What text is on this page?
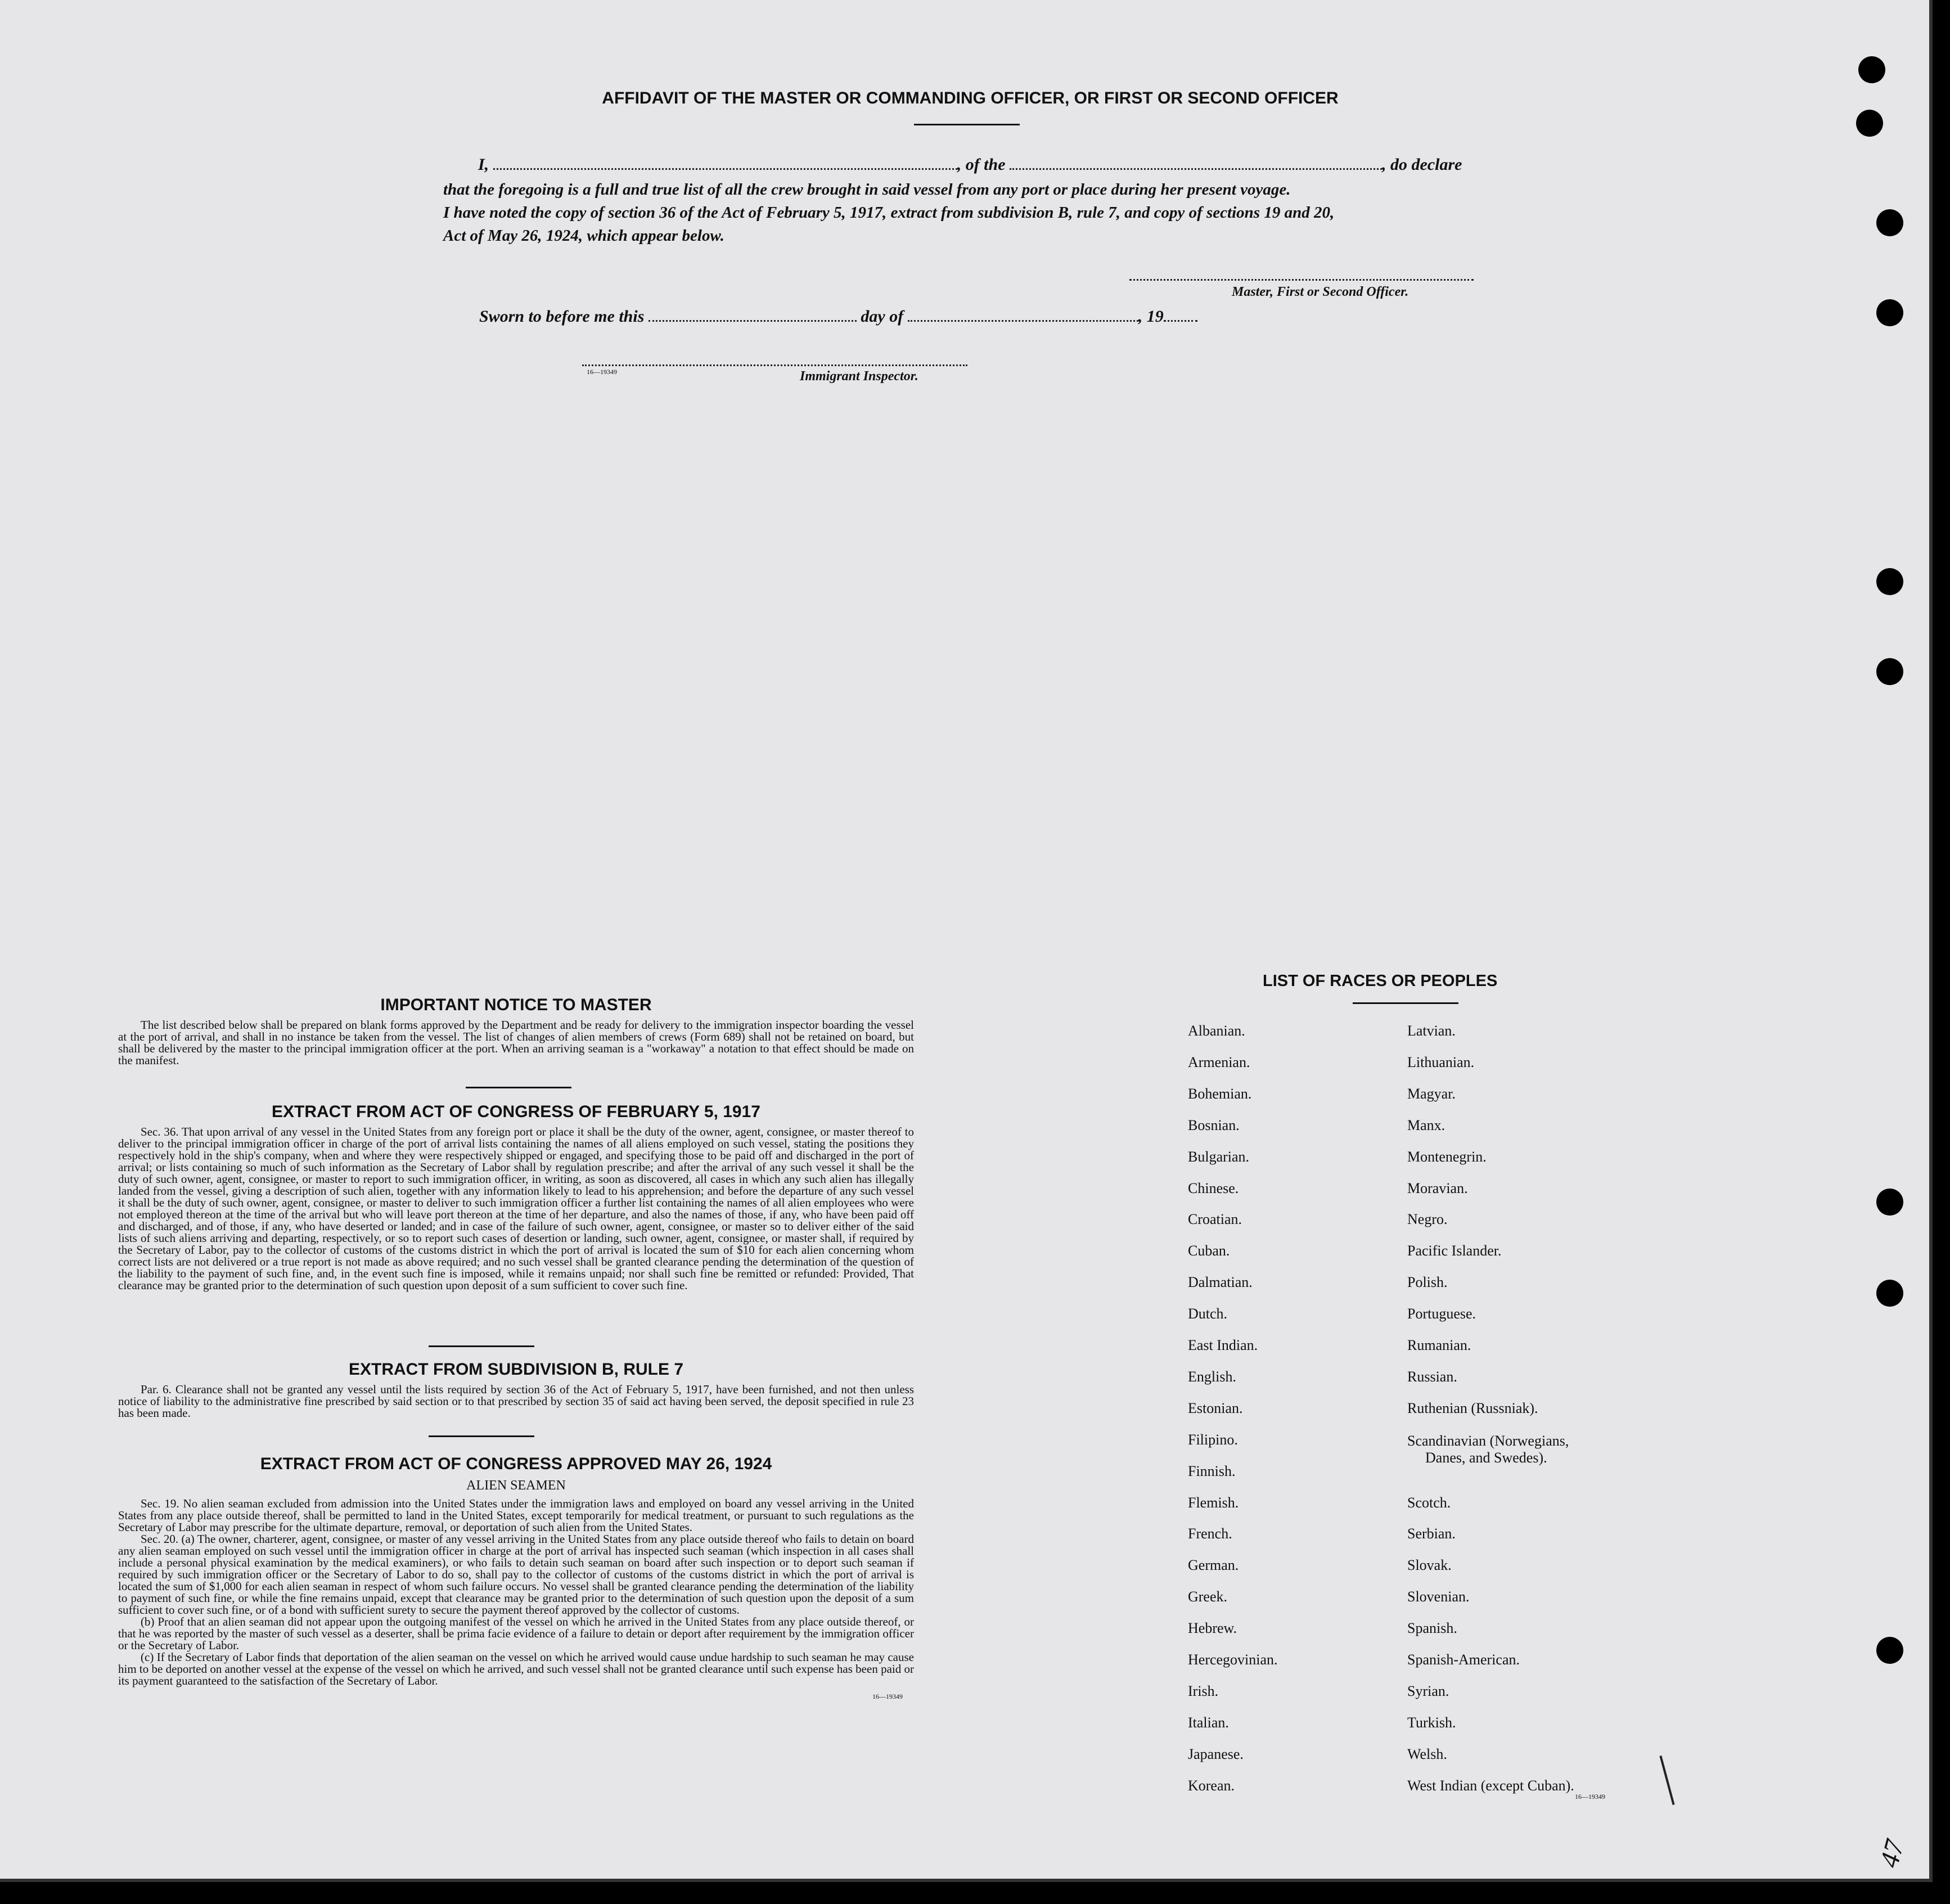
AFFIDAVIT OF THE MASTER OR COMMANDING OFFICER, OR FIRST OR SECOND OFFICER
I,	, of the	, do declare
that the foregoing is a full and true list of all the crew brought in said vessel from any port or place during her present voyage.
I have noted the copy of section 36 of the Act of February 5, 1917, extract from subdivision B, rule 7, and copy of sections 19 and 20,
Act of May 26, 1924, which appear below.
Master, First or Second Officer.
Sworn to before me this	day of	, 19
16—19349	Immigrant Inspector.
IMPORTANT NOTICE TO MASTER

The list described below shall be prepared on blank forms approved by the Department and be ready for delivery to the immigration inspector boarding the vessel at the port of arrival, and shall in no instance be taken from the vessel. The list of changes of alien members of crews (Form 689) shall not be retained on board, but shall be delivered by the master to the principal immigration officer at the port. When an arriving seaman is a "workaway" a notation to that effect should be made on the manifest.

EXTRACT FROM ACT OF CONGRESS OF FEBRUARY 5, 1917

Sec. 36. That upon arrival of any vessel in the United States from any foreign port or place it shall be the duty of the owner, agent, consignee, or master thereof to deliver to the principal immigration officer in charge of the port of arrival lists containing the names of all aliens employed on such vessel, stating the positions they respectively hold in the ship's company, when and where they were respectively shipped or engaged, and specifying those to be paid off and discharged in the port of arrival; or lists containing so much of such information as the Secretary of Labor shall by regulation prescribe; and after the arrival of any such vessel it shall be the duty of such owner, agent, consignee, or master to report to such immigration officer, in writing, as soon as discovered, all cases in which any such alien has illegally landed from the vessel, giving a description of such alien, together with any information likely to lead to his apprehension; and before the departure of any such vessel it shall be the duty of such owner, agent, consignee, or master to deliver to such immigration officer a further list containing the names of all alien employees who were not employed thereon at the time of the arrival but who will leave port thereon at the time of her departure, and also the names of those, if any, who have been paid off and discharged, and of those, if any, who have deserted or landed; and in case of the failure of such owner, agent, consignee, or master so to deliver either of the said lists of such aliens arriving and departing, respectively, or so to report such cases of desertion or landing, such owner, agent, consignee, or master shall, if required by the Secretary of Labor, pay to the collector of customs of the customs district in which the port of arrival is located the sum of $10 for each alien concerning whom correct lists are not delivered or a true report is not made as above required; and no such vessel shall be granted clearance pending the determination of the question of the liability to the payment of such fine, and, in the event such fine is imposed, while it remains unpaid; nor shall such fine be remitted or refunded: Provided, That clearance may be granted prior to the determination of such question upon deposit of a sum sufficient to cover such fine.

EXTRACT FROM SUBDIVISION B, RULE 7

Par. 6. Clearance shall not be granted any vessel until the lists required by section 36 of the Act of February 5, 1917, have been furnished, and not then unless notice of liability to the administrative fine prescribed by said section or to that prescribed by section 35 of said act having been served, the deposit specified in rule 23 has been made.

EXTRACT FROM ACT OF CONGRESS APPROVED MAY 26, 1924
ALIEN SEAMEN

Sec. 19. No alien seaman excluded from admission into the United States under the immigration laws and employed on board any vessel arriving in the United States from any place outside thereof, shall be permitted to land in the United States, except temporarily for medical treatment, or pursuant to such regulations as the Secretary of Labor may prescribe for the ultimate departure, removal, or deportation of such alien from the United States.

Sec. 20. (a) The owner, charterer, agent, consignee, or master of any vessel arriving in the United States from any place outside thereof who fails to detain on board any alien seaman employed on such vessel until the immigration officer in charge at the port of arrival has inspected such seaman (which inspection in all cases shall include a personal physical examination by the medical examiners), or who fails to detain such seaman on board after such inspection or to deport such seaman if required by such immigration officer or the Secretary of Labor to do so, shall pay to the collector of customs of the customs district in which the port of arrival is located the sum of $1,000 for each alien seaman in respect of whom such failure occurs. No vessel shall be granted clearance pending the determination of the liability to payment of such fine, or while the fine remains unpaid, except that clearance may be granted prior to the determination of such question upon the deposit of a sum sufficient to cover such fine, or of a bond with sufficient surety to secure the payment thereof approved by the collector of customs.

(b) Proof that an alien seaman did not appear upon the outgoing manifest of the vessel on which he arrived in the United States from any place outside thereof, or that he was reported by the master of such vessel as a deserter, shall be prima facie evidence of a failure to detain or deport after requirement by the immigration officer or the Secretary of Labor.

(c) If the Secretary of Labor finds that deportation of the alien seaman on the vessel on which he arrived would cause undue hardship to such seaman he may cause him to be deported on another vessel at the expense of the vessel on which he arrived, and such vessel shall not be granted clearance until such expense has been paid or its payment guaranteed to the satisfaction of the Secretary of Labor.

16—19349
LIST OF RACES OR PEOPLES
16—19349
47
Albanian.
Armenian.
Bohemian.
Bosnian.
Bulgarian.
Chinese.
Croatian.
Cuban.
Dalmatian.
Dutch.
East Indian.
English.
Estonian.
Filipino.
Finnish.
Flemish.
French.
German.
Greek.
Hebrew.
Hercegovinian.
Irish.
Italian.
Japanese.
Korean.
Latvian.
Lithuanian.
Magyar.
Manx.
Montenegrin.
Moravian.
Negro.
Pacific Islander.
Polish.
Portuguese.
Rumanian.
Russian.
Ruthenian (Russniak).
Scandinavian (Norwegians,
Danes, and Swedes).
Scotch.
Serbian.
Slovak.
Slovenian.
Spanish.
Spanish-American.
Syrian.
Turkish.
Welsh.
West Indian (except Cuban).
